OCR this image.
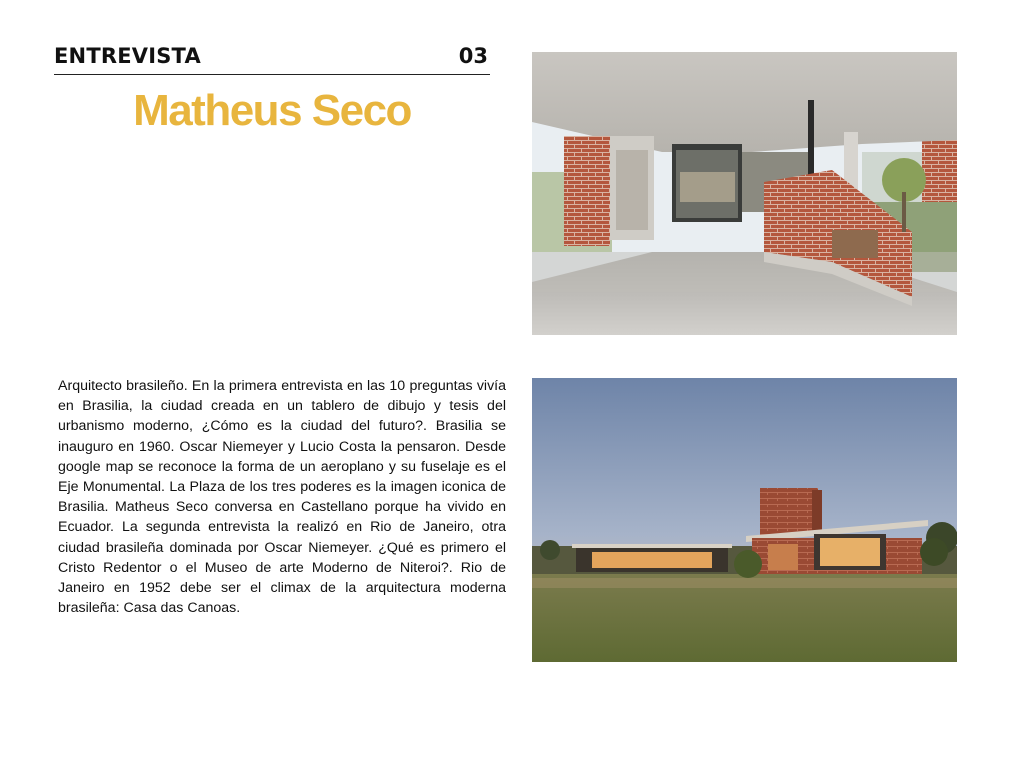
ENTREVISTA	03
Matheus Seco

Arquitecto brasileño. En la primera entrevista en las 10 preguntas vivía en Brasilia, la ciudad creada en un tablero de dibujo y tesis del urbanismo moderno, ¿Cómo es la ciudad del futuro?. Brasilia se inauguro en 1960. Oscar Niemeyer y Lucio Costa la pensaron. Desde google map se reconoce la forma de un aeroplano y su fuselaje es el Eje Monumental. La Plaza de los tres poderes es la imagen iconica de Brasilia. Matheus Seco conversa en Castellano porque ha vivido en Ecuador. La segunda entrevista la realizó en Rio de Janeiro, otra ciudad brasileña dominada por Oscar Niemeyer. ¿Qué es primero el Cristo Redentor o el Museo de arte Moderno de Niteroi?. Rio de Janeiro en 1952 debe ser el climax de la arquitectura moderna brasileña: Casa das Canoas.
